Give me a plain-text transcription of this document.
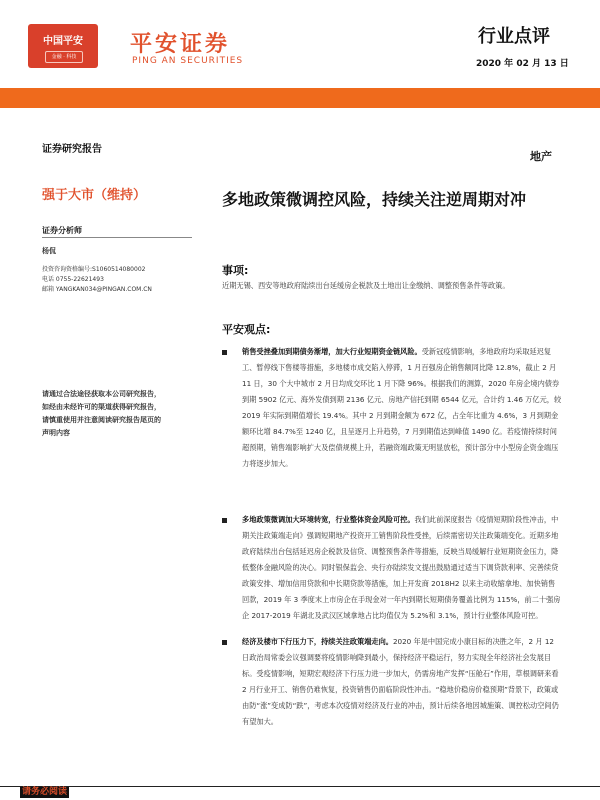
中国平安
金融 · 科技	平安证券
PING AN SECURITIES
行业点评
2020 年 02 月 13 日
证券研究报告
强于大市（维持）
证券分析师
杨侃
投资咨询资格编号:S1060514080002
电话 0755-22621493
邮箱 YANGKAN034@PINGAN.COM.CN
请通过合法途径获取本公司研究报告，如经由未经许可的渠道获得研究报告，请慎重使用并注意阅读研究报告尾页的声明内容
地产
多地政策微调控风险，持续关注逆周期对冲
事项:
近期无锡、西安等地政府陆续出台延缓房企税款及土地出让金缴纳、调整预售条件等政策。
平安观点:
销售受挫叠加到期债务渐增，加大行业短期资金链风险。受新冠疫情影响，多地政府均采取延迟复工、暂停线下售楼等措施，多地楼市成交陷入停滞，1 月百强房企销售额同比降 12.8%，截止 2 月 11 日，30 个大中城市 2 月日均成交环比 1 月下降 96%。根据我们的测算，2020 年房企境内债券到期 5902 亿元、海外发债到期 2136 亿元、房地产信托到期 6544 亿元，合计约 1.46 万亿元，较 2019 年实际到期值增长 19.4%。其中 2 月到期金额为 672 亿，占全年比重为 4.6%，3 月到期金额环比增 84.7%至 1240 亿，且呈逐月上升趋势，7 月到期值达到峰值 1490 亿。若疫情持续时间超预期，销售端影响扩大及偿债规模上升，若融资端政策无明显放松，预计部分中小型房企资金端压力将逐步加大。
多地政策微调加大环境转宽，行业整体资金风险可控。我们此前深度报告《疫情短期阶段性冲击，中期关注政策端走向》强调短期地产投资开工销售阶段性受挫，后续需密切关注政策端变化。近期多地政府陆续出台包括延迟房企税款及信贷、调整预售条件等措施，反映当局缓解行业短期资金压力，降低整体金融风险的决心。同时银保监会、央行亦陆续发文提出鼓励通过适当下调贷款利率、完善续贷政策安排、增加信用贷款和中长期贷款等措施，加上开发商 2018H2 以来主动收缩拿地、加快销售回款，2019 年 3 季度末上市房企在手现金对一年内到期长短期债务覆盖比例为 115%，前二十强房企 2017-2019 年湖北及武汉区域拿地占比均值仅为 5.2%和 3.1%，预计行业整体风险可控。
经济及楼市下行压力下，持续关注政策端走向。2020 年是中国完成小康目标的决胜之年，2 月 12 日政治局常委会议强调要将疫情影响降到最小，保持经济平稳运行，努力实现全年经济社会发展目标。受疫情影响，短期宏观经济下行压力进一步加大，仍需房地产发挥“压舱石”作用，草根调研来看 2 月行业开工、销售仍难恢复，投资销售仍面临阶段性冲击。“稳地价稳房价稳预期”背景下，政策或由防“涨”变成防“跌”，考虑本次疫情对经济及行业的冲击，预计后续各地因城施策、调控松动空间仍有望加大。
请务必阅读
